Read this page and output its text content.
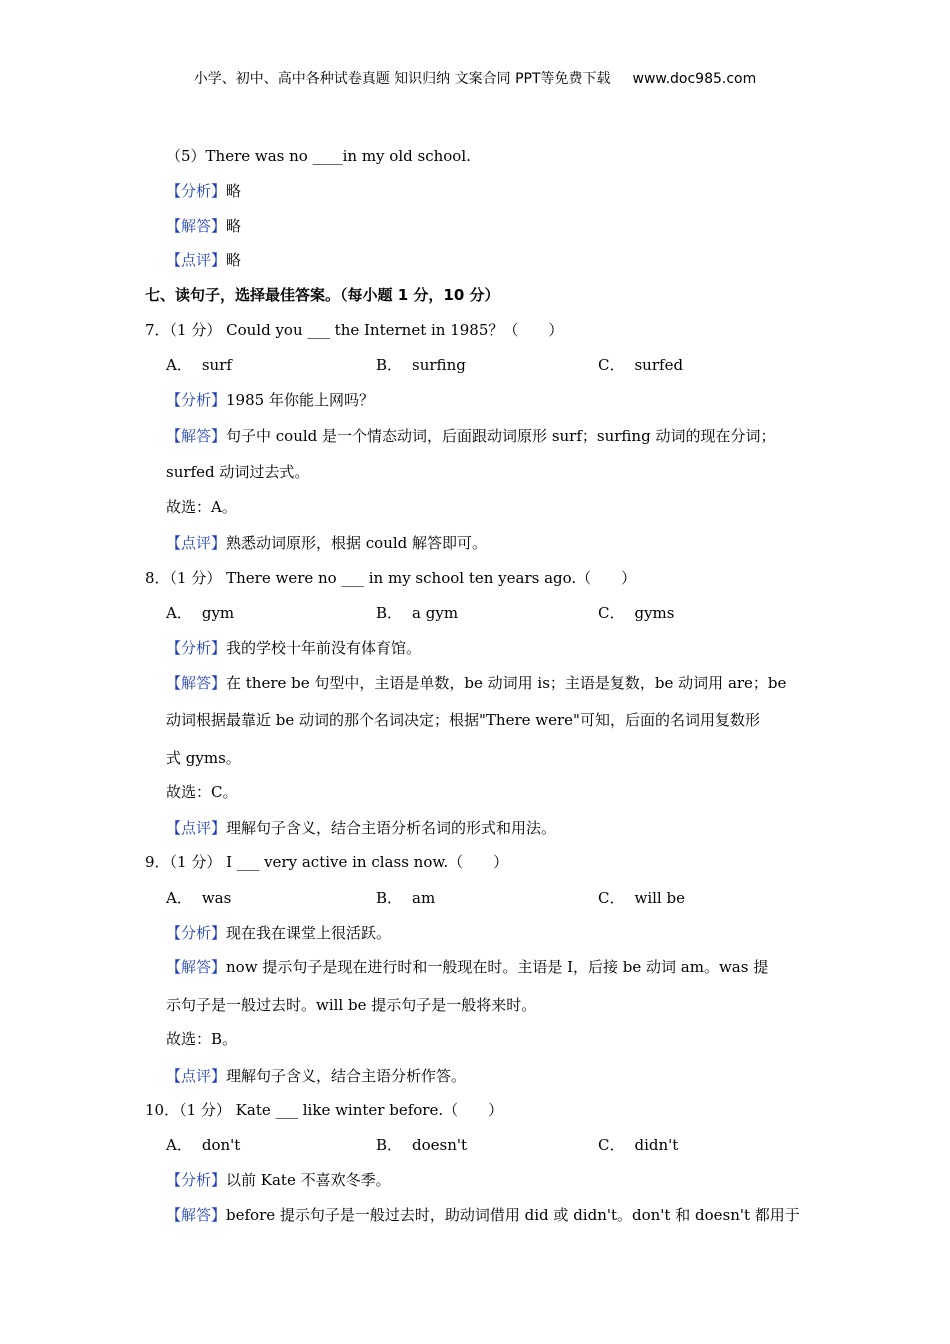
小学、初中、高中各种试卷真题 知识归纳 文案合同 PPT等免费下载 www.doc985.com
（5）There was no ____in my old school.
【分析】略
【解答】略
【点评】略
七、读句子，选择最佳答案。（每小题 1 分，10 分）
7．（1 分） Could you ___ the Internet in 1985？（　　）
A． surf	B． surfing	C． surfed
【分析】1985 年你能上网吗？
【解答】句子中 could 是一个情态动词，后面跟动词原形 surf；surfing 动词的现在分词；
surfed 动词过去式。
故选：A。
【点评】熟悉动词原形，根据 could 解答即可。
8．（1 分） There were no ___ in my school ten years ago.（　　）
A． gym	B． a gym	C． gyms
【分析】我的学校十年前没有体育馆。
【解答】在 there be 句型中，主语是单数，be 动词用 is；主语是复数，be 动词用 are；be
动词根据最靠近 be 动词的那个名词决定；根据"There were"可知，后面的名词用复数形
式 gyms。
故选：C。
【点评】理解句子含义，结合主语分析名词的形式和用法。
9．（1 分） I ___ very active in class now.（　　）
A． was	B． am	C． will be
【分析】现在我在课堂上很活跃。
【解答】now 提示句子是现在进行时和一般现在时。主语是 I，后接 be 动词 am。was 提
示句子是一般过去时。will be 提示句子是一般将来时。
故选：B。
【点评】理解句子含义，结合主语分析作答。
10．（1 分） Kate ___ like winter before.（　　）
A． don't	B． doesn't	C． didn't
【分析】以前 Kate 不喜欢冬季。
【解答】before 提示句子是一般过去时，助动词借用 did 或 didn't。don't 和 doesn't 都用于
